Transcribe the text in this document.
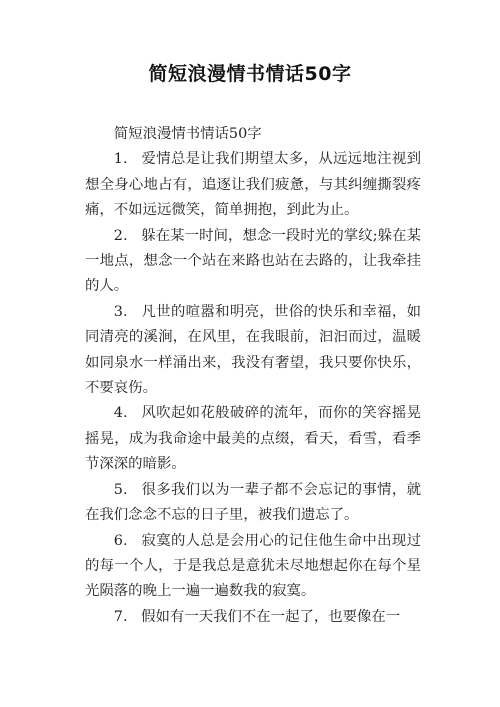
简短浪漫情书情话50字

简短浪漫情书情话50字

1. 爱情总是让我们期望太多，从远远地注视到想全身心地占有，追逐让我们疲惫，与其纠缠撕裂疼痛，不如远远微笑，简单拥抱，到此为止。

2. 躲在某一时间，想念一段时光的掌纹;躲在某一地点，想念一个站在来路也站在去路的，让我牵挂的人。

3. 凡世的喧嚣和明亮，世俗的快乐和幸福，如同清亮的溪涧，在风里，在我眼前，汩汩而过，温暖如同泉水一样涌出来，我没有奢望，我只要你快乐，不要哀伤。

4. 风吹起如花般破碎的流年，而你的笑容摇晃摇晃，成为我命途中最美的点缀，看天，看雪，看季节深深的暗影。

5. 很多我们以为一辈子都不会忘记的事情，就在我们念念不忘的日子里，被我们遗忘了。

6. 寂寞的人总是会用心的记住他生命中出现过的每一个人，于是我总是意犹未尽地想起你在每个星光陨落的晚上一遍一遍数我的寂寞。

7. 假如有一天我们不在一起了，也要像在一
